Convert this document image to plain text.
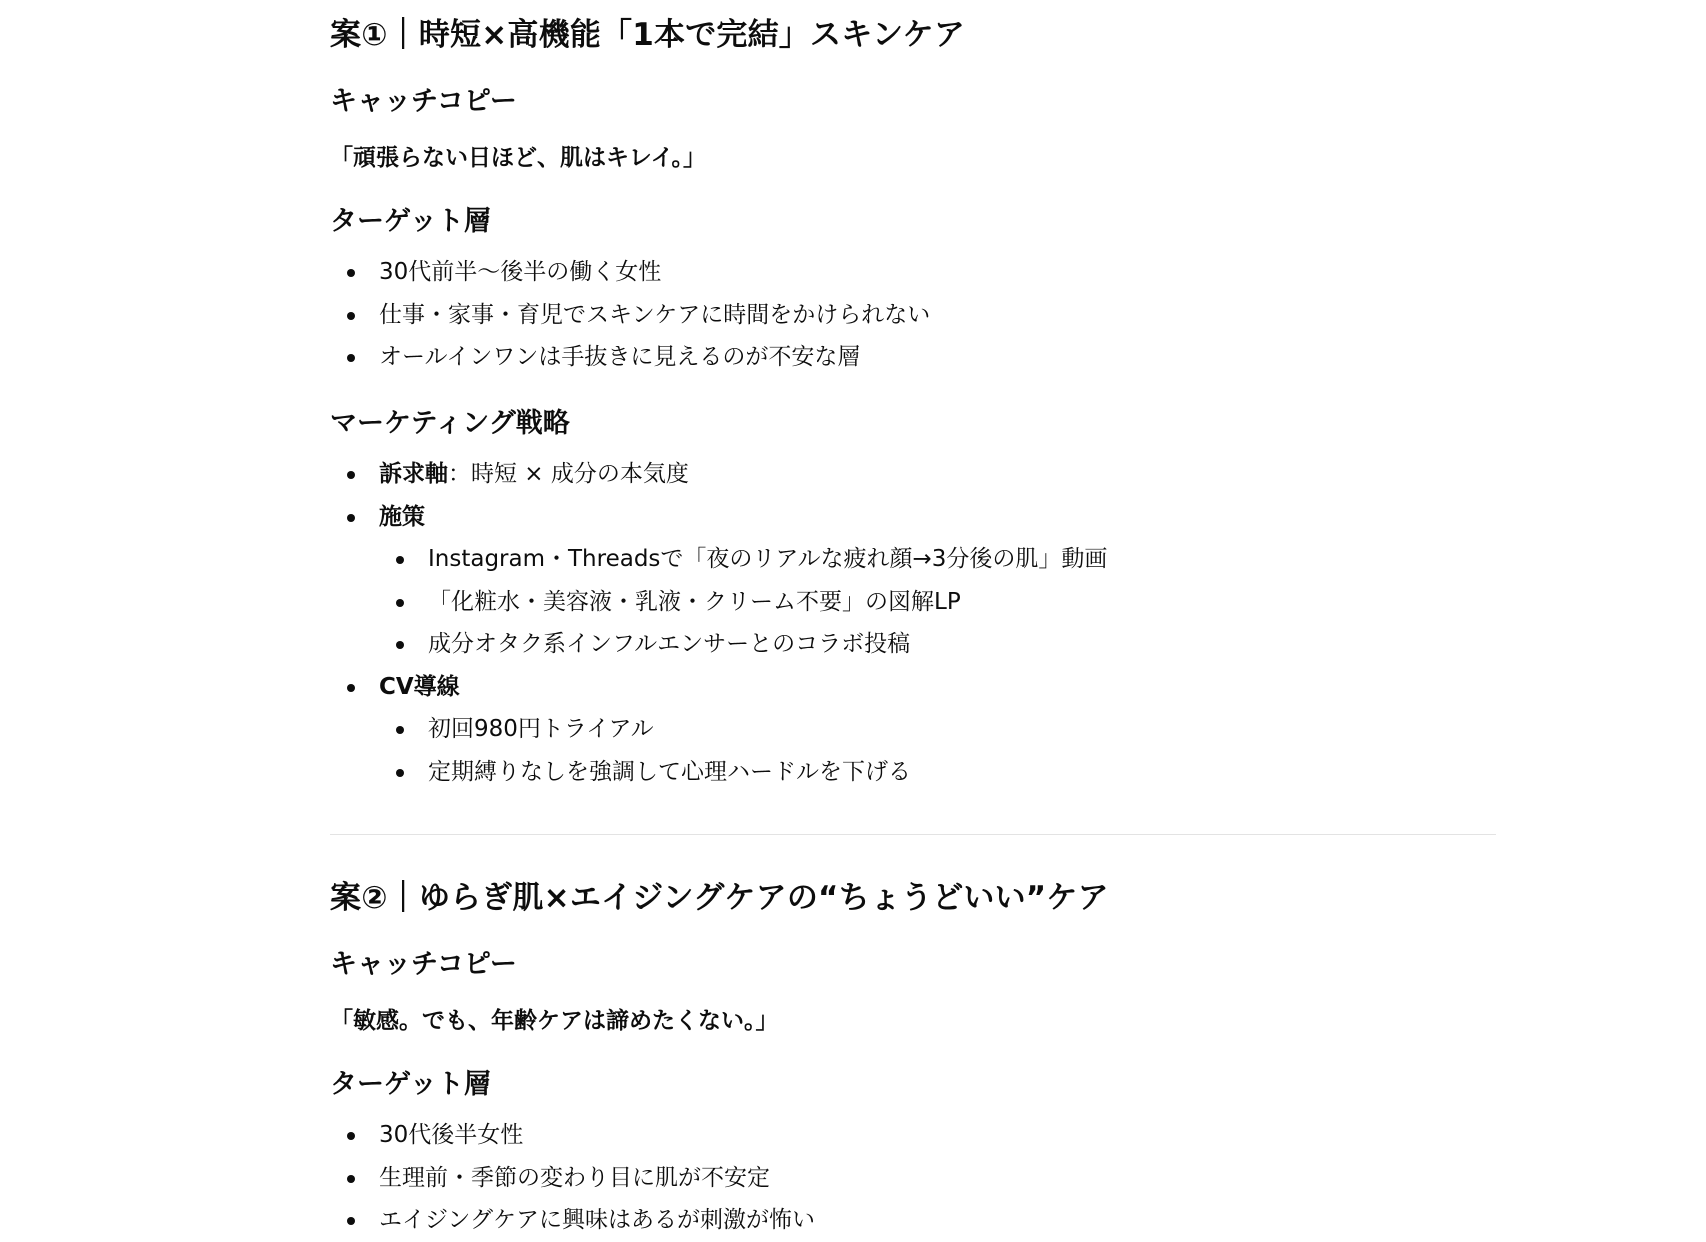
案①｜時短×高機能「1本で完結」スキンケア
キャッチコピー

「頑張らない日ほど、肌はキレイ。」

ターゲット層
30代前半〜後半の働く女性
仕事・家事・育児でスキンケアに時間をかけられない
オールインワンは手抜きに見えるのが不安な層
マーケティング戦略
訴求軸：時短 × 成分の本気度
施策
Instagram・Threadsで「夜のリアルな疲れ顔→3分後の肌」動画
「化粧水・美容液・乳液・クリーム不要」の図解LP
成分オタク系インフルエンサーとのコラボ投稿
CV導線
初回980円トライアル
定期縛りなしを強調して心理ハードルを下げる
案②｜ゆらぎ肌×エイジングケアの“ちょうどいい”ケア
キャッチコピー

「敏感。でも、年齢ケアは諦めたくない。」

ターゲット層
30代後半女性
生理前・季節の変わり目に肌が不安定
エイジングケアに興味はあるが刺激が怖い
